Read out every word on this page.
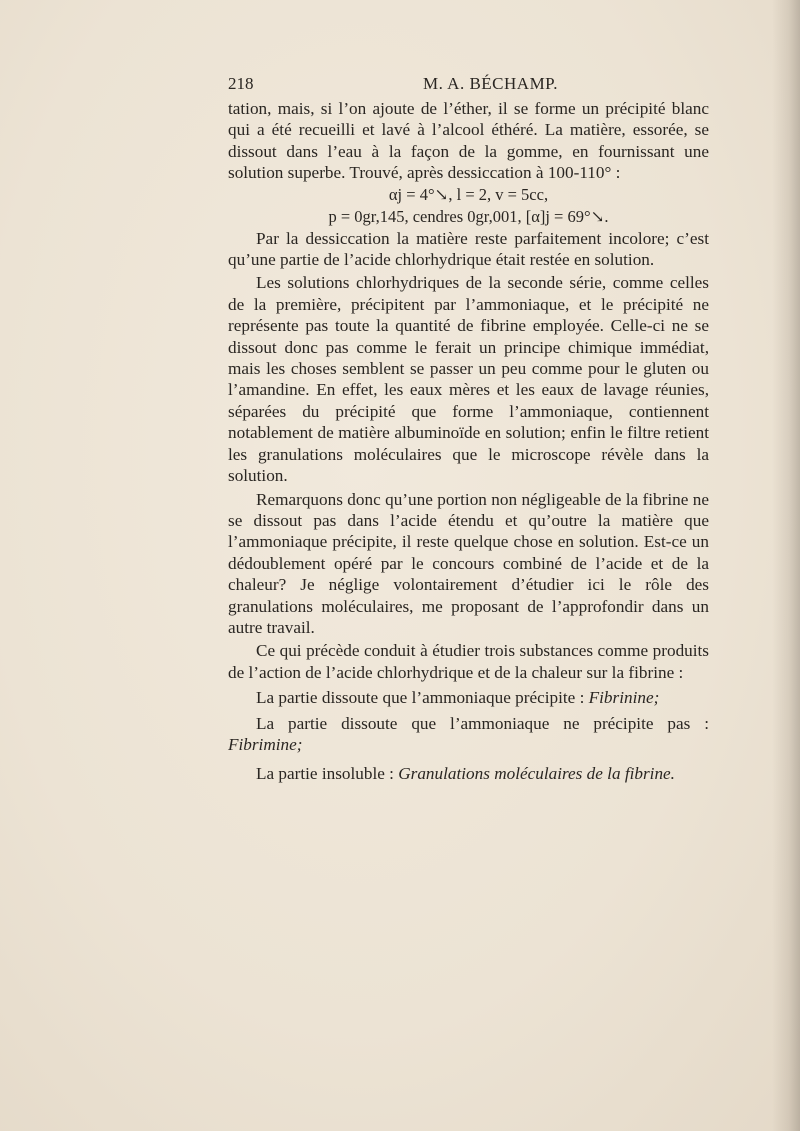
218	M. A. BÉCHAMP.

tation, mais, si l’on ajoute de l’éther, il se forme un précipité blanc qui a été recueilli et lavé à l’alcool éthéré. La matière, essorée, se dissout dans l’eau à la façon de la gomme, en fournissant une solution superbe. Trouvé, après dessiccation à 100-110° :

αj = 4°↘, l = 2, v = 5cc,

p = 0gr,145, cendres 0gr,001, [α]j = 69°↘.

Par la dessiccation la matière reste parfaitement incolore; c’est qu’une partie de l’acide chlorhydrique était restée en solution.

Les solutions chlorhydriques de la seconde série, comme celles de la première, précipitent par l’ammoniaque, et le précipité ne représente pas toute la quantité de fibrine employée. Celle-ci ne se dissout donc pas comme le ferait un principe chimique immédiat, mais les choses semblent se passer un peu comme pour le gluten ou l’amandine. En effet, les eaux mères et les eaux de lavage réunies, séparées du précipité que forme l’ammoniaque, contiennent notablement de matière albuminoïde en solution; enfin le filtre retient les granulations moléculaires que le microscope révèle dans la solution.

Remarquons donc qu’une portion non négligeable de la fibrine ne se dissout pas dans l’acide étendu et qu’outre la matière que l’ammoniaque précipite, il reste quelque chose en solution. Est-ce un dédoublement opéré par le concours combiné de l’acide et de la chaleur? Je néglige volontairement d’étudier ici le rôle des granulations moléculaires, me proposant de l’approfondir dans un autre travail.

Ce qui précède conduit à étudier trois substances comme produits de l’action de l’acide chlorhydrique et de la chaleur sur la fibrine :

La partie dissoute que l’ammoniaque précipite : Fibrinine;

La partie dissoute que l’ammoniaque ne précipite pas : Fibrimine;

La partie insoluble : Granulations moléculaires de la fibrine.
